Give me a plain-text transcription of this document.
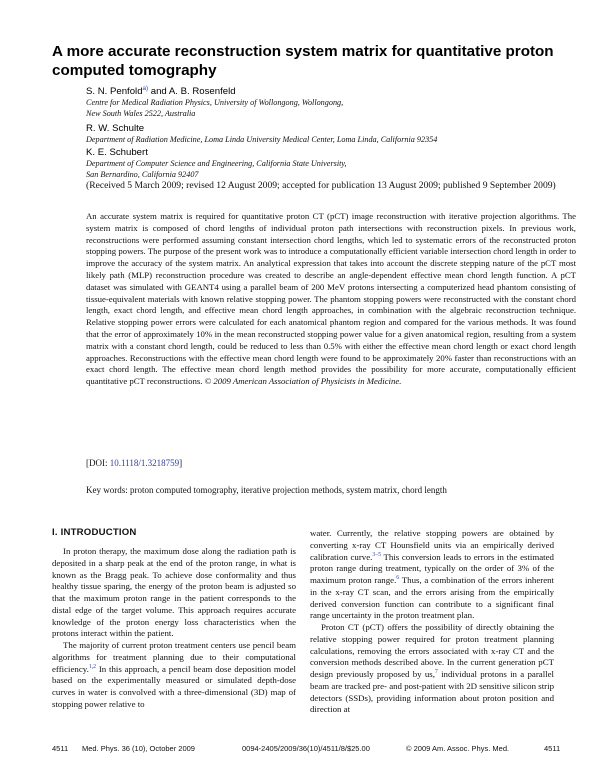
A more accurate reconstruction system matrix for quantitative proton computed tomography
S. N. Penfold$^{a)}$ and A. B. Rosenfeld
Centre for Medical Radiation Physics, University of Wollongong, Wollongong,
New South Wales 2522, Australia
R. W. Schulte
Department of Radiation Medicine, Loma Linda University Medical Center, Loma Linda, California 92354
K. E. Schubert
Department of Computer Science and Engineering, California State University,
San Bernardino, California 92407
(Received 5 March 2009; revised 12 August 2009; accepted for publication 13 August 2009; published 9 September 2009)
An accurate system matrix is required for quantitative proton CT (pCT) image reconstruction with iterative projection algorithms. The system matrix is composed of chord lengths of individual proton path intersections with reconstruction pixels. In previous work, reconstructions were performed assuming constant intersection chord lengths, which led to systematic errors of the reconstructed proton stopping powers. The purpose of the present work was to introduce a computationally efficient variable intersection chord length in order to improve the accuracy of the system matrix. An analytical expression that takes into account the discrete stepping nature of the pCT most likely path (MLP) reconstruction procedure was created to describe an angle-dependent effective mean chord length function. A pCT dataset was simulated with GEANT4 using a parallel beam of 200 MeV protons intersecting a computerized head phantom consisting of tissue-equivalent materials with known relative stopping power. The phantom stopping powers were reconstructed with the constant chord length, exact chord length, and effective mean chord length approaches, in combination with the algebraic reconstruction technique. Relative stopping power errors were calculated for each anatomical phantom region and compared for the various methods. It was found that the error of approximately 10% in the mean reconstructed stopping power value for a given anatomical region, resulting from a system matrix with a constant chord length, could be reduced to less than 0.5% with either the effective mean chord length or exact chord length approaches. Reconstructions with the effective mean chord length were found to be approximately 20% faster than reconstructions with an exact chord length. The effective mean chord length method provides the possibility for more accurate, computationally efficient quantitative pCT reconstructions. © 2009 American Association of Physicists in Medicine.
[DOI: 10.1118/1.3218759]
Key words: proton computed tomography, iterative projection methods, system matrix, chord length
I. INTRODUCTION

In proton therapy, the maximum dose along the radiation path is deposited in a sharp peak at the end of the proton range, in what is known as the Bragg peak. To achieve dose conformality and thus healthy tissue sparing, the energy of the proton beam is adjusted so that the maximum proton range in the patient corresponds to the distal edge of the target volume. This approach requires accurate knowledge of the proton energy loss characteristics when the protons interact within the patient.

The majority of current proton treatment centers use pencil beam algorithms for treatment planning due to their computational efficiency.$^{1,2}$ In this approach, a pencil beam dose deposition model based on the experimentally measured or simulated depth-dose curves in water is convolved with a three-dimensional (3D) map of stopping power relative to

water. Currently, the relative stopping powers are obtained by converting x-ray CT Hounsfield units via an empirically derived calibration curve.$^{3-5}$ This conversion leads to errors in the estimated proton range during treatment, typically on the order of 3% of the maximum proton range.$^6$ Thus, a combination of the errors inherent in the x-ray CT scan, and the errors arising from the empirically derived conversion function can contribute to a significant final range uncertainty in the proton treatment plan.

Proton CT (pCT) offers the possibility of directly obtaining the relative stopping power required for proton treatment planning calculations, removing the errors associated with x-ray CT and the conversion methods described above. In the current generation pCT design previously proposed by us,$^7$ individual protons in a parallel beam are tracked pre- and post-patient with 2D sensitive silicon strip detectors (SSDs), providing information about proton position and direction at

4511 Med. Phys. 36 (10), October 2009	0094-2405/2009/36(10)/4511/8/$25.00	© 2009 Am. Assoc. Phys. Med.	4511
